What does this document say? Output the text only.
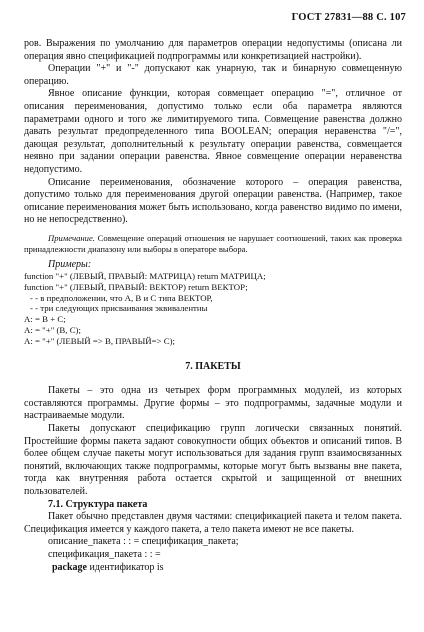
ГОСТ 27831—88 С. 107

ров. Выражения по умолчанию для параметров операции недопустимы (описана ли операция явно спецификацией подпрограммы или конкретизацией настройки).

Операции "+" и "-" допускают как унарную, так и бинарную совмещенную операцию.

Явное описание функции, которая совмещает операцию "=", отличное от описания переименования, допустимо только если оба параметра являются параметрами одного и того же лимитируемого типа. Совмещение равенства должно давать результат предопределенного типа BOOLEAN; операция неравенства "/=", дающая результат, дополнительный к результату операции равенства, совмещается неявно при задании операции равенства. Явное совмещение операции неравенства недопустимо.

Описание переименования, обозначение которого – операция равенства, допустимо только для переименования другой операции равенства. (Например, такое описание переименования может быть использовано, когда равенство видимо по имени, но не непосредственно).

Примечание. Совмещение операций отношения не нарушает соотношений, таких как проверка принадлежности диапазону или выборы в операторе выбора.

Примеры:

function "+" (ЛЕВЫЙ, ПРАВЫЙ: МАТРИЦА) return МАТРИЦА;
function "+" (ЛЕВЫЙ, ПРАВЫЙ: ВЕКТОР) return ВЕКТОР;
- - в предположении, что A, B и C типа ВЕКТОР,
- - три следующих присваивания эквивалентны
A: = B + C;
A: = "+" (B, C);
A: = "+" (ЛЕВЫЙ => B, ПРАВЫЙ=> C);
7. ПАКЕТЫ

Пакеты – это одна из четырех форм программных модулей, из которых составляются программы. Другие формы – это подпрограммы, задачные модули и настраиваемые модули.

Пакеты допускают спецификацию групп логически связанных понятий. Простейшие формы пакета задают совокупности общих объектов и описаний типов. В более общем случае пакеты могут использоваться для задания групп взаимосвязанных понятий, включающих также подпрограммы, которые могут быть вызваны вне пакета, тогда как внутренняя работа остается скрытой и защищенной от внешних пользователей.

7.1. Структура пакета

Пакет обычно представлен двумя частями: спецификацией пакета и телом пакета. Спецификация имеется у каждого пакета, а тело пакета имеют не все пакеты.

описание_пакета : : = спецификация_пакета;

спецификация_пакета : : =

package идентификатор is
